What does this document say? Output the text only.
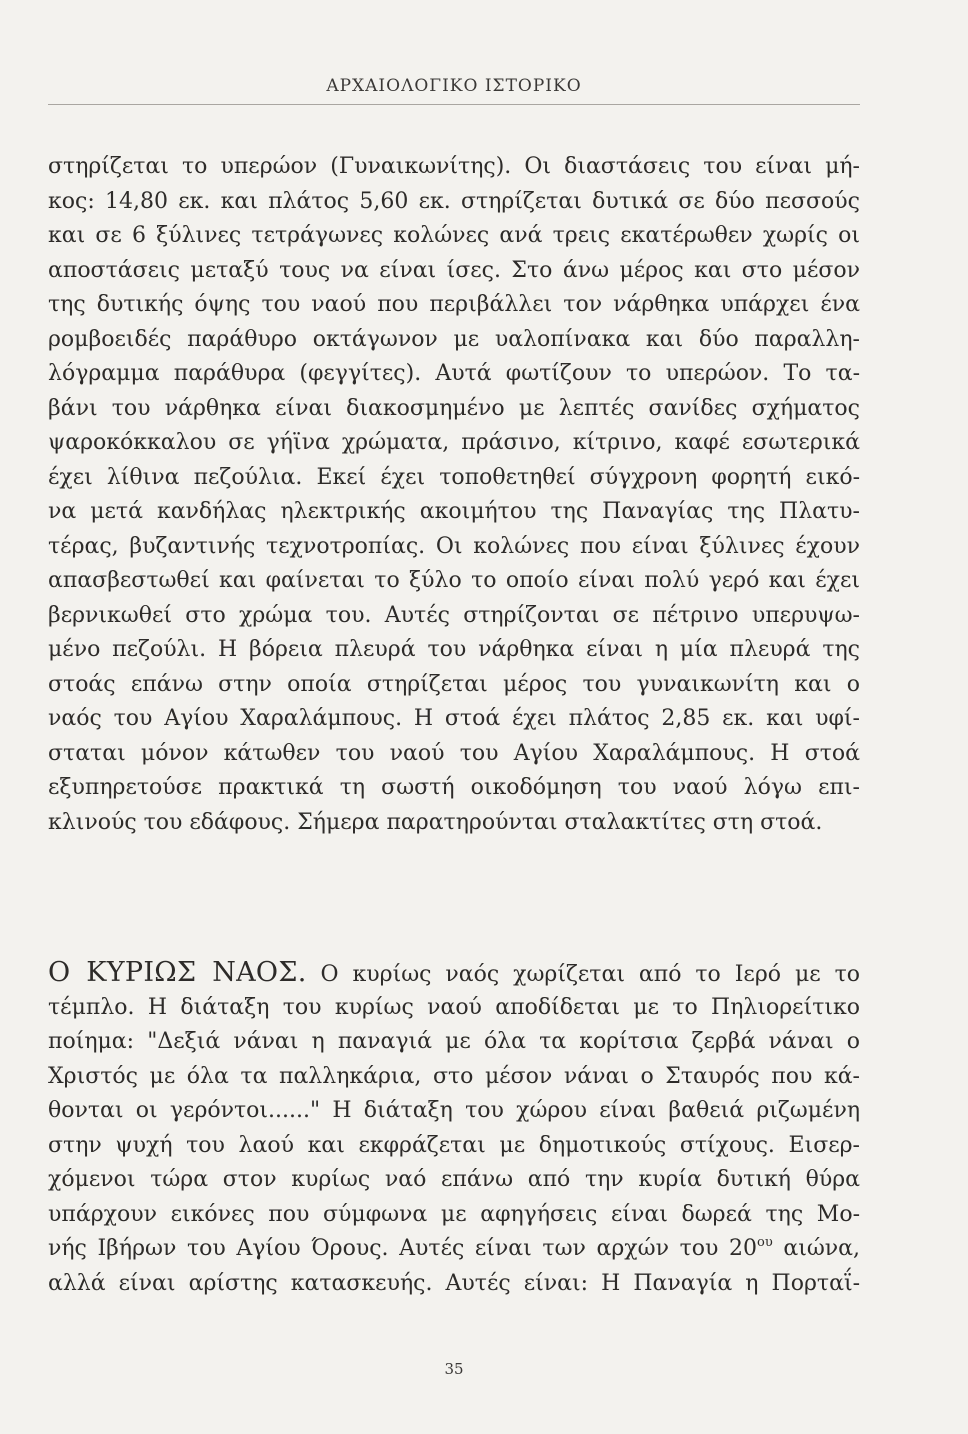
ΑΡΧΑΙΟΛΟΓΙΚΟ ΙΣΤΟΡΙΚΟ
στηρίζεται το υπερώον (Γυναικωνίτης). Οι διαστάσεις του είναι μή-
κος: 14,80 εκ. και πλάτος 5,60 εκ. στηρίζεται δυτικά σε δύο πεσσούς
και σε 6 ξύλινες τετράγωνες κολώνες ανά τρεις εκατέρωθεν χωρίς οι
αποστάσεις μεταξύ τους να είναι ίσες. Στο άνω μέρος και στο μέσον
της δυτικής όψης του ναού που περιβάλλει τον νάρθηκα υπάρχει ένα
ρομβοειδές παράθυρο οκτάγωνον με υαλοπίνακα και δύο παραλλη-
λόγραμμα παράθυρα (φεγγίτες). Αυτά φωτίζουν το υπερώον. Το τα-
βάνι του νάρθηκα είναι διακοσμημένο με λεπτές σανίδες σχήματος
ψαροκόκκαλου σε γήϊνα χρώματα, πράσινο, κίτρινο, καφέ εσωτερικά
έχει λίθινα πεζούλια. Εκεί έχει τοποθετηθεί σύγχρονη φορητή εικό-
να μετά κανδήλας ηλεκτρικής ακοιμήτου της Παναγίας της Πλατυ-
τέρας, βυζαντινής τεχνοτροπίας. Οι κολώνες που είναι ξύλινες έχουν
απασβεστωθεί και φαίνεται το ξύλο το οποίο είναι πολύ γερό και έχει
βερνικωθεί στο χρώμα του. Αυτές στηρίζονται σε πέτρινο υπερυψω-
μένο πεζούλι. Η βόρεια πλευρά του νάρθηκα είναι η μία πλευρά της
στοάς επάνω στην οποία στηρίζεται μέρος του γυναικωνίτη και ο
ναός του Αγίου Χαραλάμπους. Η στοά έχει πλάτος 2,85 εκ. και υφί-
σταται μόνον κάτωθεν του ναού του Αγίου Χαραλάμπους. Η στοά
εξυπηρετούσε πρακτικά τη σωστή οικοδόμηση του ναού λόγω επι-
κλινούς του εδάφους. Σήμερα παρατηρούνται σταλακτίτες στη στοά.
Ο ΚΥΡΙΩΣ ΝΑΟΣ. Ο κυρίως ναός χωρίζεται από το Ιερό με το
τέμπλο. Η διάταξη του κυρίως ναού αποδίδεται με το Πηλιορείτικο
ποίημα: "Δεξιά νάναι η παναγιά με όλα τα κορίτσια ζερβά νάναι ο
Χριστός με όλα τα παλληκάρια, στο μέσον νάναι ο Σταυρός που κά-
θονται οι γερόντοι......" Η διάταξη του χώρου είναι βαθειά ριζωμένη
στην ψυχή του λαού και εκφράζεται με δημοτικούς στίχους. Εισερ-
χόμενοι τώρα στον κυρίως ναό επάνω από την κυρία δυτική θύρα
υπάρχουν εικόνες που σύμφωνα με αφηγήσεις είναι δωρεά της Μο-
νής Ιβήρων του Αγίου Όρους. Αυτές είναι των αρχών του $20^{o\upsilon}$ αιώνα,
αλλά είναι αρίστης κατασκευής. Αυτές είναι: Η Παναγία η Πορταΐ-
35
